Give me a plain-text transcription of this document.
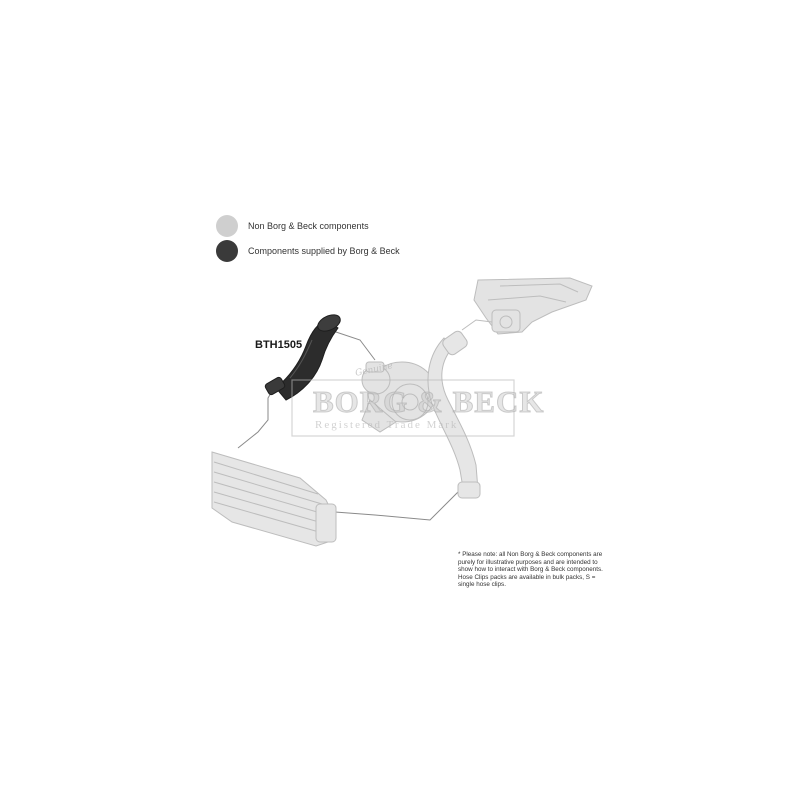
Non Borg & Beck components
Components supplied by Borg & Beck
Genuine
BORG & BECK
Registered Trade Mark
BTH1505
* Please note: all Non Borg & Beck components are purely for illustrative purposes and are intended to show how to interact with Borg & Beck components. Hose Clips packs are available in bulk packs, S = single hose clips.
